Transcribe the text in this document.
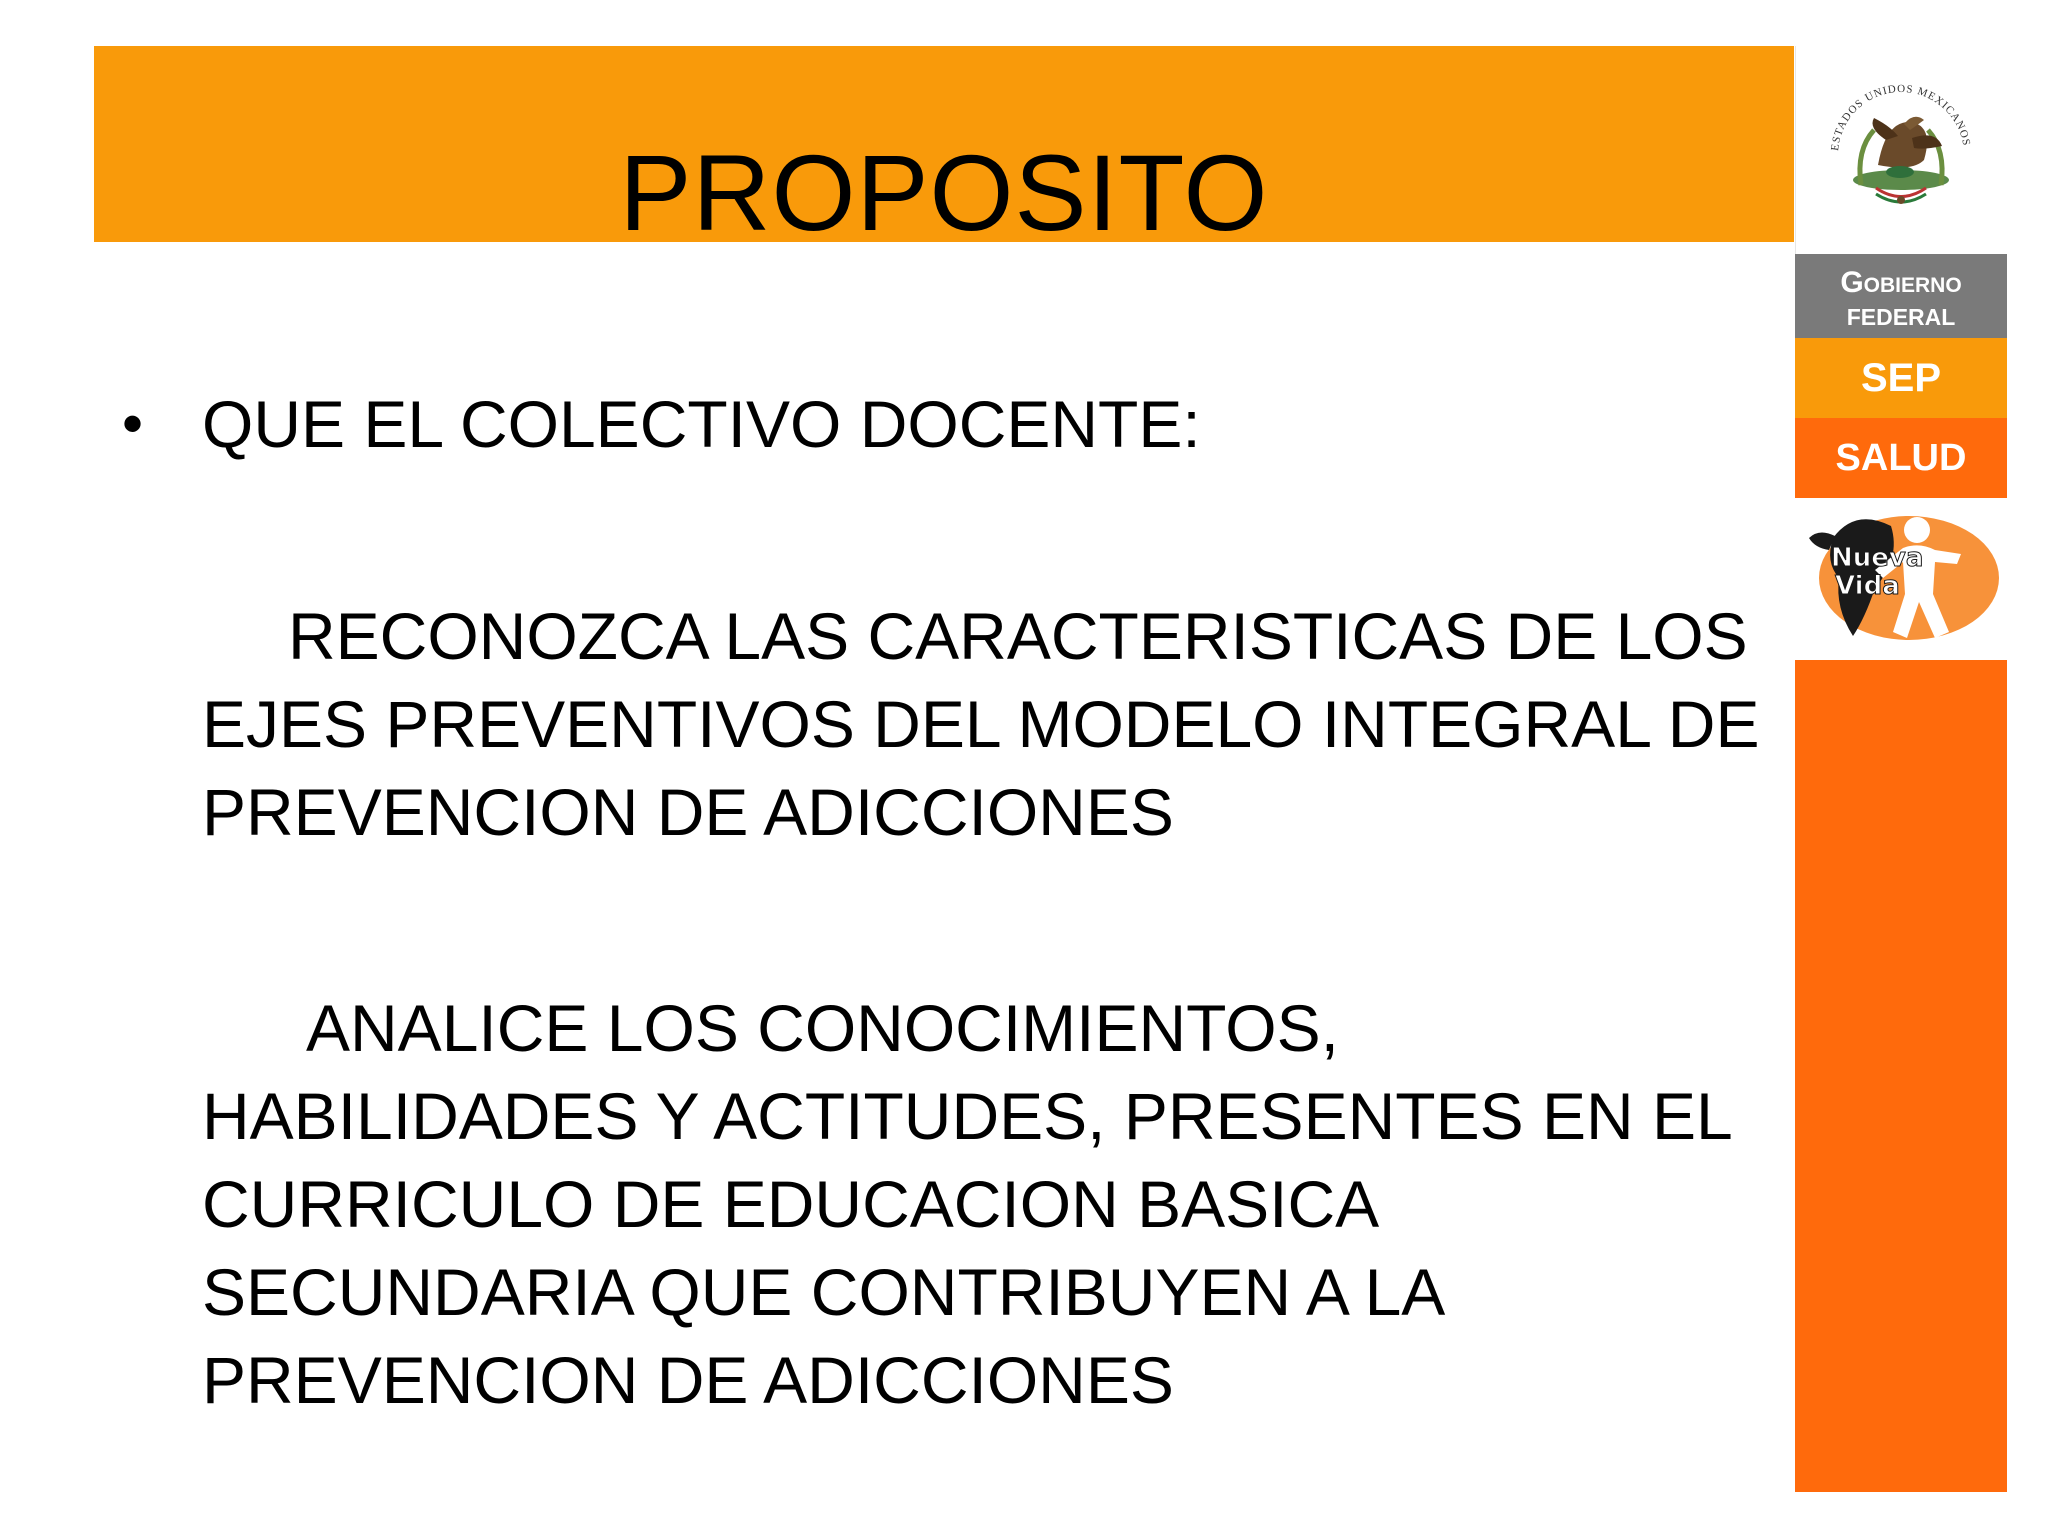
PROPOSITO	ESTADOS UNIDOS MEXICANOS
Gobierno
FEDERAL
SEP
SALUD
Nueva
Vida
• QUE EL COLECTIVO DOCENTE:
RECONOZCA LAS CARACTERISTICAS DE LOS
EJES PREVENTIVOS DEL MODELO INTEGRAL DE
PREVENCION DE ADICCIONES
ANALICE LOS CONOCIMIENTOS,
HABILIDADES Y ACTITUDES, PRESENTES EN EL
CURRICULO DE EDUCACION BASICA
SECUNDARIA QUE CONTRIBUYEN A LA
PREVENCION DE ADICCIONES
